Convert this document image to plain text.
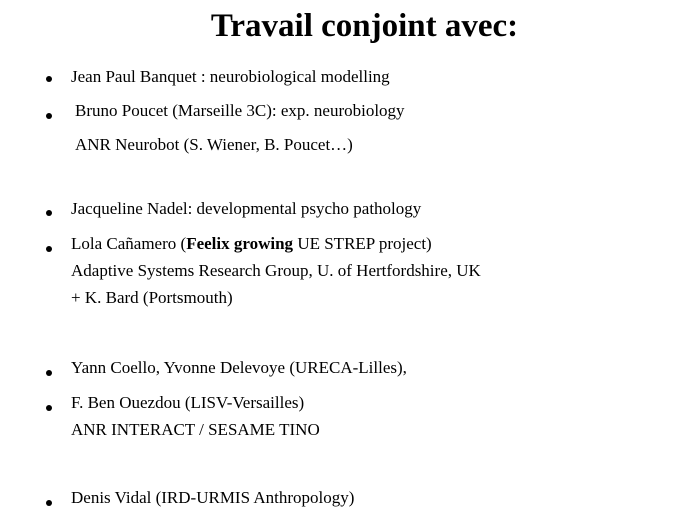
Travail conjoint avec:
Jean Paul Banquet : neurobiological modelling
Bruno Poucet (Marseille 3C): exp. neurobiology
ANR Neurobot (S. Wiener, B. Poucet…)
Jacqueline Nadel: developmental psycho pathology
Lola Cañamero (Feelix growing UE STREP project)
Adaptive Systems Research Group, U. of Hertfordshire, UK
+ K. Bard (Portsmouth)
Yann Coello, Yvonne Delevoye (URECA-Lilles),
F. Ben Ouezdou (LISV-Versailles)
ANR INTERACT / SESAME TINO
Denis Vidal (IRD-URMIS Anthropology)
